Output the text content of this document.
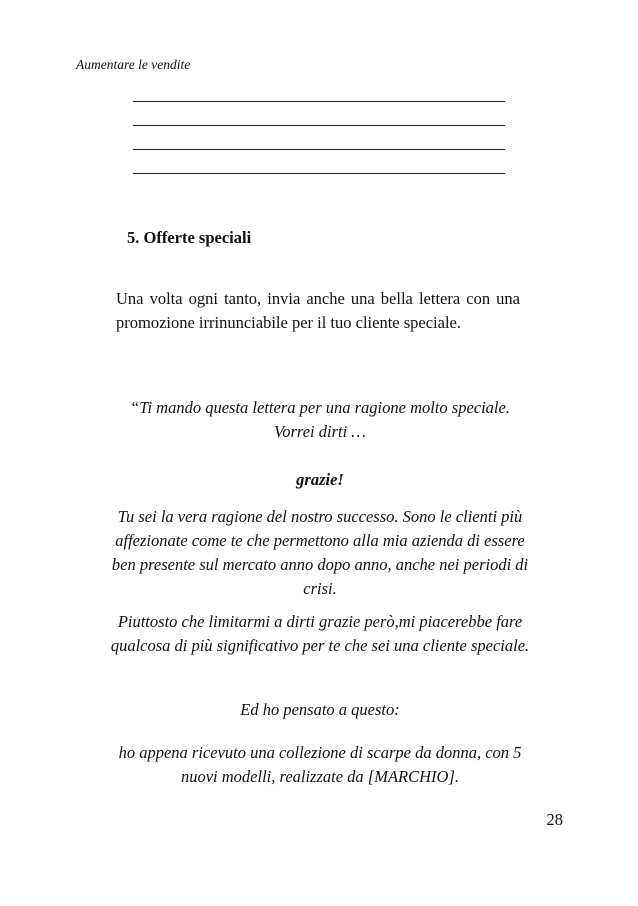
Aumentare le vendite
5. Offerte speciali
Una volta ogni tanto, invia anche una bella lettera con una promozione irrinunciabile per il tuo cliente speciale.
“Ti mando questa lettera per una ragione molto speciale. Vorrei dirti …
grazie!
Tu sei la vera ragione del nostro successo. Sono le clienti più affezionate come te che permettono alla mia azienda di essere ben presente sul mercato anno dopo anno, anche nei periodi di crisi.
Piuttosto che limitarmi a dirti grazie però,mi piacerebbe fare qualcosa di più significativo per te che sei una cliente speciale.
Ed ho pensato a questo:
ho appena ricevuto una collezione di scarpe da donna, con 5 nuovi modelli, realizzate da [MARCHIO].
28
